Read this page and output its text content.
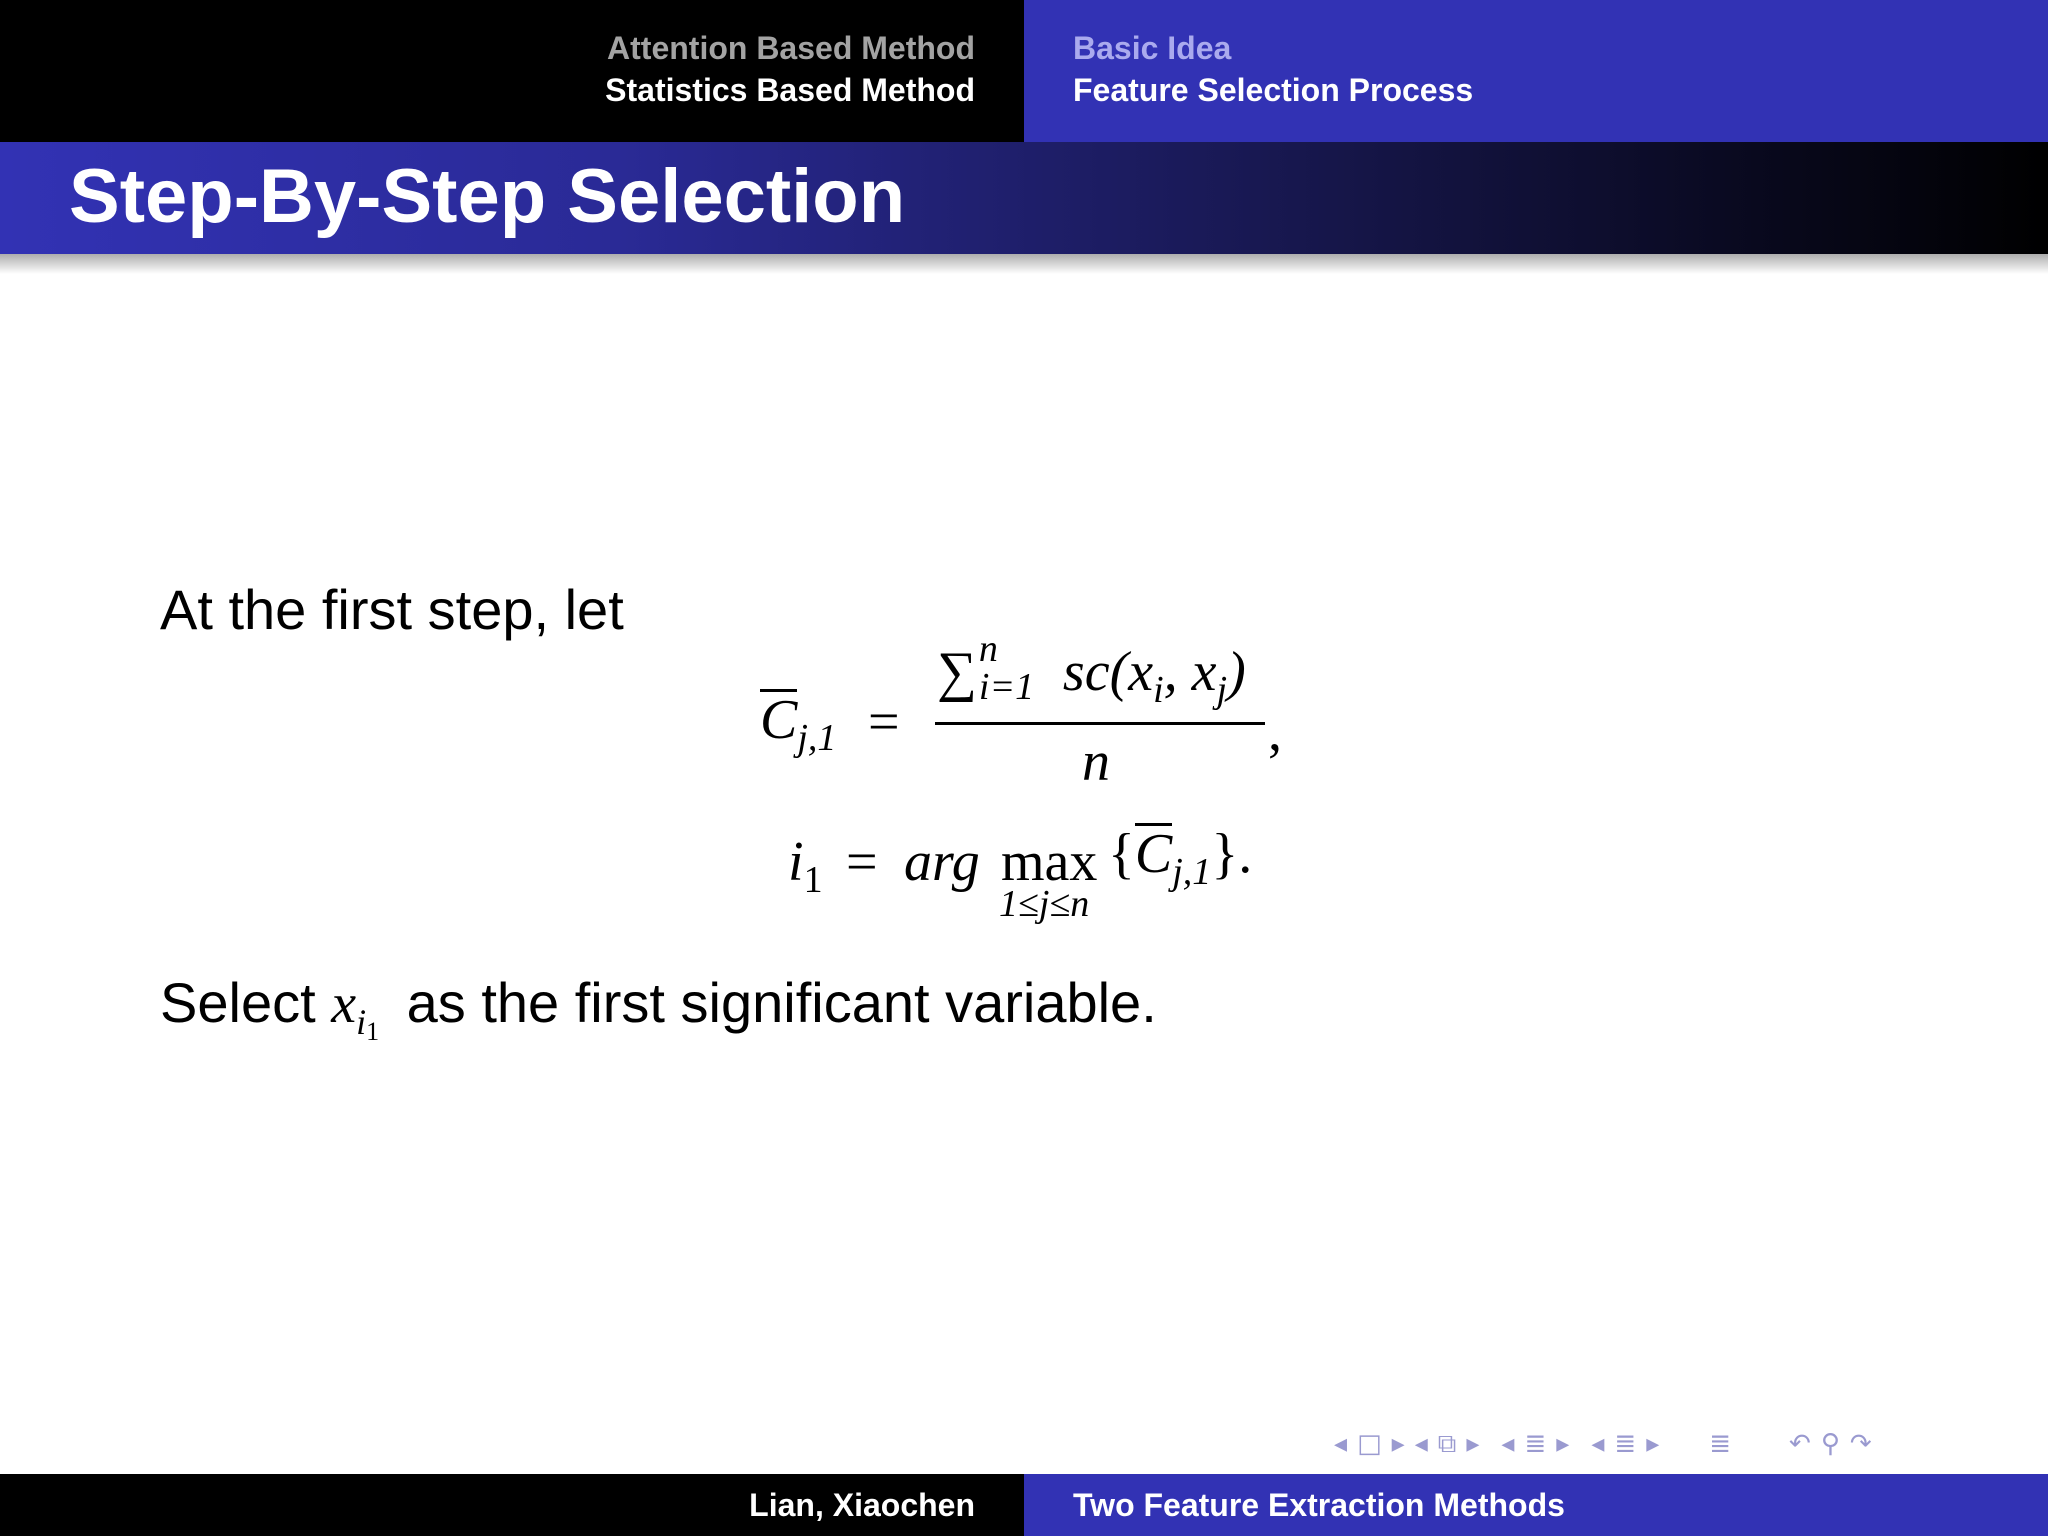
Attention Based Method
Statistics Based Method
Basic Idea
Feature Selection Process
Step-By-Step Selection
At the first step, let
$C_{j,1}$ =
∑ n
i=1 $sc(x_i$, $x_j$)
n	,
$i_1$ = arg max
1≤j≤n
$\{C_{j,1}\}$.
Select $x_{i1}$ as the first significant variable.
◂ □ ▸ ◂ ⧉ ▸ ◂ ≣ ▸ ◂ ≣ ▸ ≣ ↶ ⚲ ↷
Lian, Xiaochen	Two Feature Extraction Methods
